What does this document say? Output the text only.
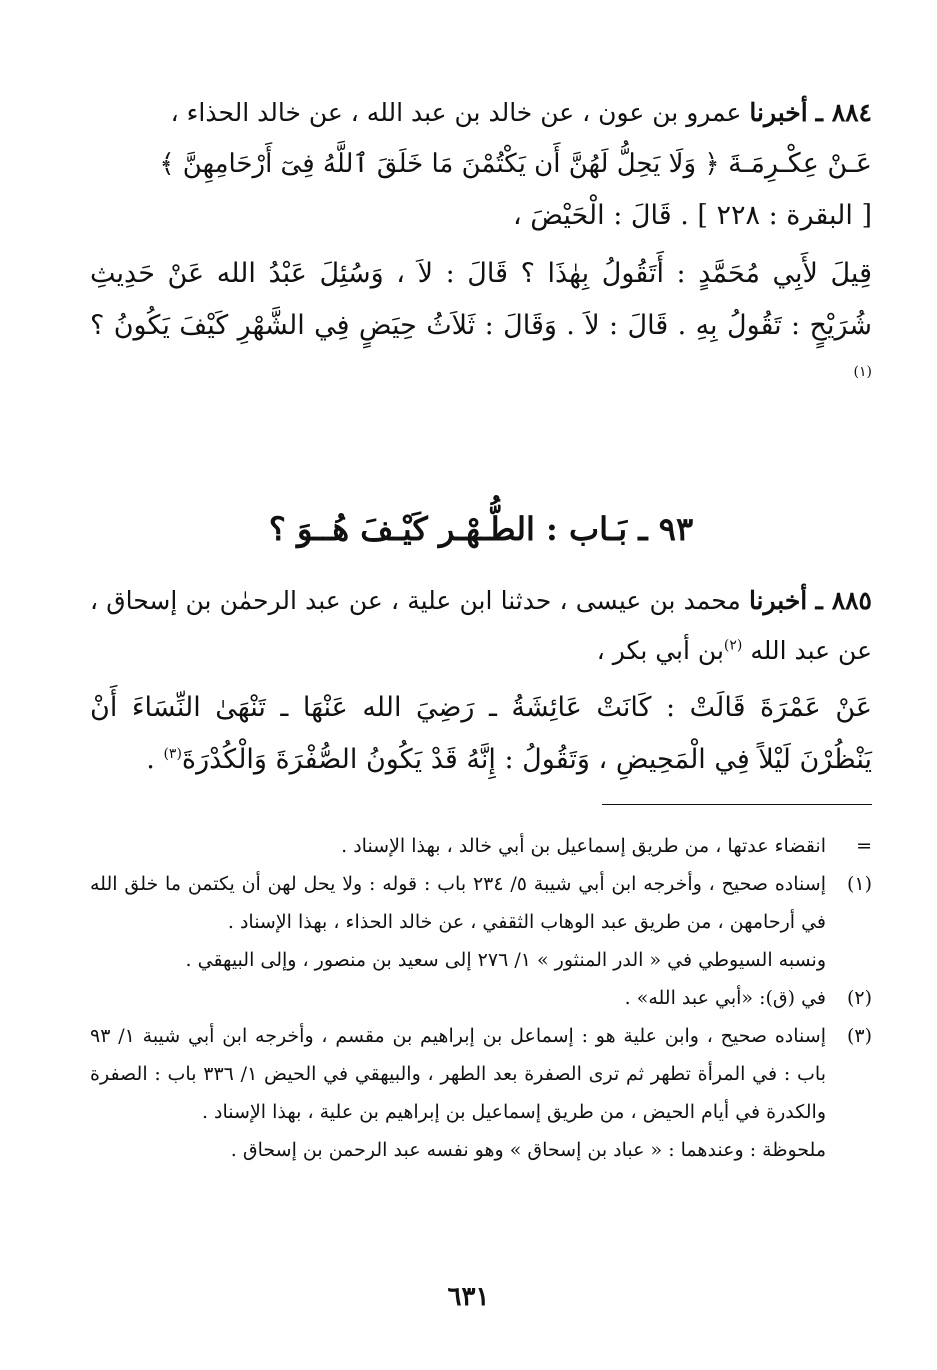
٨٨٤ ـ أخبرنا عمرو بن عون ، عن خالد بن عبد الله ، عن خالد الحذاء ،

عَـنْ عِكْـرِمَـةَ ﴿ وَلَا يَحِلُّ لَهُنَّ أَن يَكْتُمْنَ مَا خَلَقَ ٱللَّهُ فِىٓ أَرْحَامِهِنَّ ﴾
[ البقرة : ٢٢٨ ] . قَالَ : الْحَيْضَ ،

قِيلَ لأَبِي مُحَمَّدٍ : أَتَقُولُ بِهٰذَا ؟ قَالَ : لاَ ، وَسُئِلَ عَبْدُ الله عَنْ حَدِيثِ شُرَيْحٍ : تَقُولُ بِهِ . قَالَ : لاَ . وَقَالَ : ثَلاَثُ حِيَضٍ فِي الشَّهْرِ كَيْفَ يَكُونُ ؟$^{(١)}$

٩٣ ـ بَـاب : الطُّـهْـر كَيْـفَ هُــوَ ؟

٨٨٥ ـ أخبرنا محمد بن عيسى ، حدثنا ابن علية ، عن عبد الرحمٰن بن إسحاق ، عن عبد الله $^{(٢)}$بن أبي بكر ،

عَنْ عَمْرَةَ قَالَتْ : كَانَتْ عَائِشَةُ ـ رَضِيَ الله عَنْهَا ـ تَنْهَىٰ النِّسَاءَ أَنْ يَنْظُرْنَ لَيْلاً فِي الْمَحِيضِ ، وَتَقُولُ : إِنَّهُ قَدْ يَكُونُ الصُّفْرَةَ وَالْكُدْرَةَ$^{(٣)}$ .

=
انقضاء عدتها ، من طريق إسماعيل بن أبي خالد ، بهذا الإسناد .

(١)
إسناده صحيح ، وأخرجه ابن أبي شيبة ٥/ ٢٣٤ باب : قوله : ولا يحل لهن أن يكتمن ما خلق الله في أرحامهن ، من طريق عبد الوهاب الثقفي ، عن خالد الحذاء ، بهذا الإسناد .

ونسبه السيوطي في « الدر المنثور » ١/ ٢٧٦ إلى سعيد بن منصور ، وإلى البيهقي .

(٢)
في (ق): «أبي عبد الله» .

(٣)
إسناده صحيح ، وابن علية هو : إسماعل بن إبراهيم بن مقسم ، وأخرجه ابن أبي شيبة ١/ ٩٣ باب : في المرأة تطهر ثم ترى الصفرة بعد الطهر ، والبيهقي في الحيض ١/ ٣٣٦ باب : الصفرة والكدرة في أيام الحيض ، من طريق إسماعيل بن إبراهيم بن علية ، بهذا الإسناد .

ملحوظة : وعندهما : « عباد بن إسحاق » وهو نفسه عبد الرحمن بن إسحاق .

٦٣١
